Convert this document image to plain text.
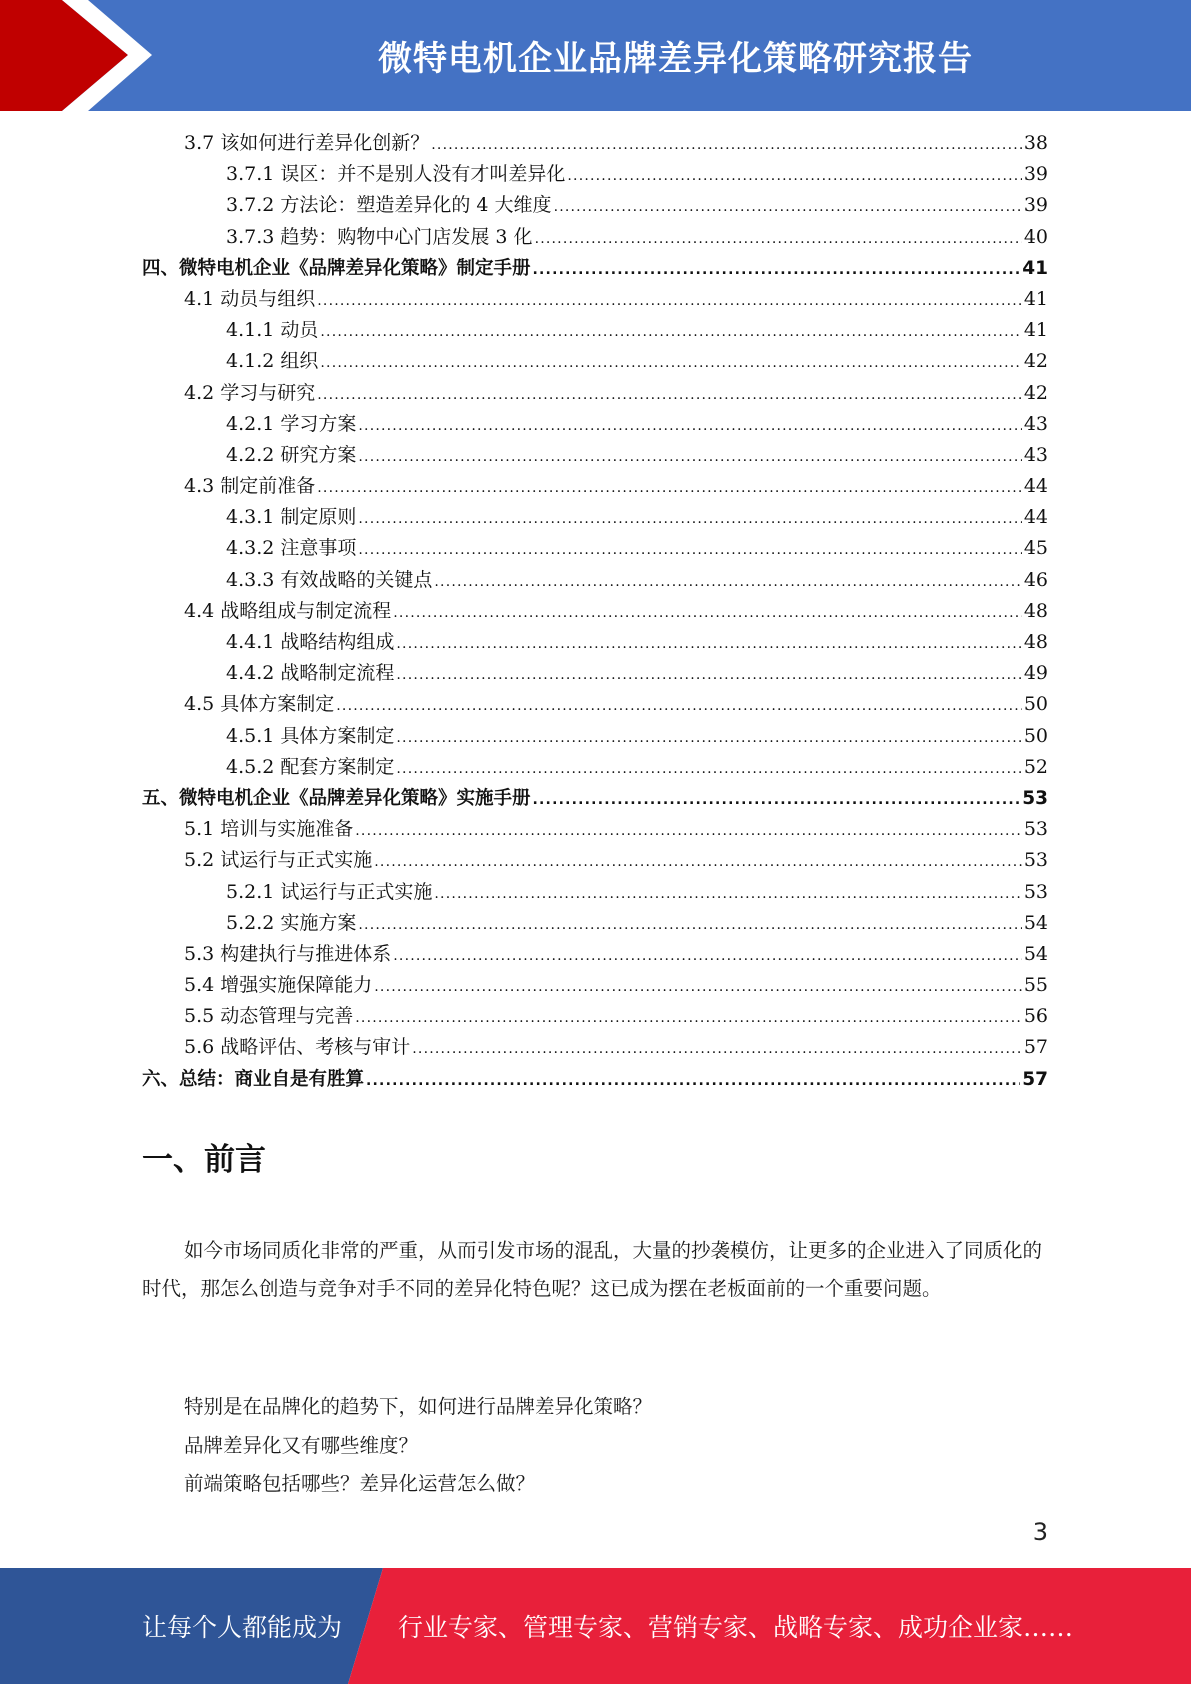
微特电机企业品牌差异化策略研究报告
3.7 该如何进行差异化创新？ .....	38
3.7.1 误区：并不是别人没有才叫差异化 .....	39
3.7.2 方法论：塑造差异化的 4 大维度 .....	39
3.7.3 趋势：购物中心门店发展 3 化 .....	40
四、微特电机企业《品牌差异化策略》制定手册 .....	41
4.1 动员与组织 .....	41
4.1.1 动员 .....	41
4.1.2 组织 .....	42
4.2 学习与研究 .....	42
4.2.1 学习方案 .....	43
4.2.2 研究方案 .....	43
4.3 制定前准备 .....	44
4.3.1 制定原则 .....	44
4.3.2 注意事项 .....	45
4.3.3 有效战略的关键点 .....	46
4.4 战略组成与制定流程 .....	48
4.4.1 战略结构组成 .....	48
4.4.2 战略制定流程 .....	49
4.5 具体方案制定 .....	50
4.5.1 具体方案制定 .....	50
4.5.2 配套方案制定 .....	52
五、微特电机企业《品牌差异化策略》实施手册 .....	53
5.1 培训与实施准备 .....	53
5.2 试运行与正式实施 .....	53
5.2.1 试运行与正式实施 .....	53
5.2.2 实施方案 .....	54
5.3 构建执行与推进体系 .....	54
5.4 增强实施保障能力 .....	55
5.5 动态管理与完善 .....	56
5.6 战略评估、考核与审计 .....	57
六、总结：商业自是有胜算 .....	57
一、前言
如今市场同质化非常的严重，从而引发市场的混乱，大量的抄袭模仿，让更多的企业进入了同质化的时代，那怎么创造与竞争对手不同的差异化特色呢？这已成为摆在老板面前的一个重要问题。
特别是在品牌化的趋势下，如何进行品牌差异化策略？
品牌差异化又有哪些维度？
前端策略包括哪些？差异化运营怎么做？
3
让每个人都能成为 行业专家、管理专家、营销专家、战略专家、成功企业家……
